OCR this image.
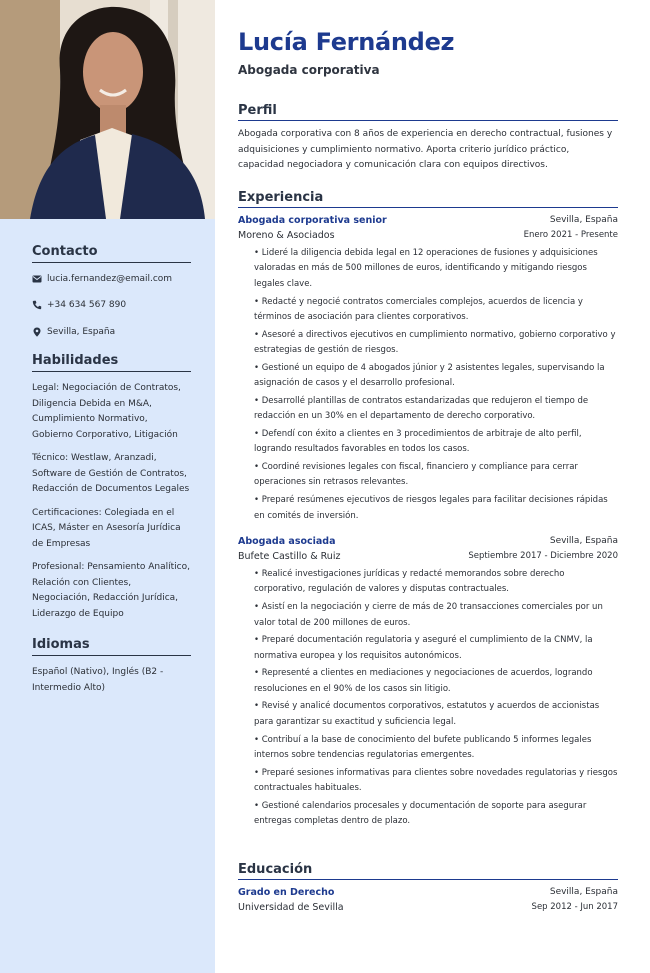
Contacto
lucia.fernandez@email.com
+34 634 567 890
Sevilla, España
Habilidades
Legal: Negociación de Contratos, Diligencia Debida en M&A, Cumplimiento Normativo, Gobierno Corporativo, Litigación
Técnico: Westlaw, Aranzadi, Software de Gestión de Contratos, Redacción de Documentos Legales
Certificaciones: Colegiada en el ICAS, Máster en Asesoría Jurídica de Empresas
Profesional: Pensamiento Analítico, Relación con Clientes, Negociación, Redacción Jurídica, Liderazgo de Equipo
Idiomas
Español (Nativo), Inglés (B2 - Intermedio Alto)
Lucía Fernández
Abogada corporativa
Perfil
Abogada corporativa con 8 años de experiencia en derecho contractual, fusiones y adquisiciones y cumplimiento normativo. Aporta criterio jurídico práctico, capacidad negociadora y comunicación clara con equipos directivos.
Experiencia
Abogada corporativa senior	Sevilla, España
Moreno & Asociados	Enero 2021 - Presente
• Lideré la diligencia debida legal en 12 operaciones de fusiones y adquisiciones valoradas en más de 500 millones de euros, identificando y mitigando riesgos legales clave.
• Redacté y negocié contratos comerciales complejos, acuerdos de licencia y términos de asociación para clientes corporativos.
• Asesoré a directivos ejecutivos en cumplimiento normativo, gobierno corporativo y estrategias de gestión de riesgos.
• Gestioné un equipo de 4 abogados júnior y 2 asistentes legales, supervisando la asignación de casos y el desarrollo profesional.
• Desarrollé plantillas de contratos estandarizadas que redujeron el tiempo de redacción en un 30% en el departamento de derecho corporativo.
• Defendí con éxito a clientes en 3 procedimientos de arbitraje de alto perfil, logrando resultados favorables en todos los casos.
• Coordiné revisiones legales con fiscal, financiero y compliance para cerrar operaciones sin retrasos relevantes.
• Preparé resúmenes ejecutivos de riesgos legales para facilitar decisiones rápidas en comités de inversión.
Abogada asociada	Sevilla, España
Bufete Castillo & Ruiz	Septiembre 2017 - Diciembre 2020
• Realicé investigaciones jurídicas y redacté memorandos sobre derecho corporativo, regulación de valores y disputas contractuales.
• Asistí en la negociación y cierre de más de 20 transacciones comerciales por un valor total de 200 millones de euros.
• Preparé documentación regulatoria y aseguré el cumplimiento de la CNMV, la normativa europea y los requisitos autonómicos.
• Representé a clientes en mediaciones y negociaciones de acuerdos, logrando resoluciones en el 90% de los casos sin litigio.
• Revisé y analicé documentos corporativos, estatutos y acuerdos de accionistas para garantizar su exactitud y suficiencia legal.
• Contribuí a la base de conocimiento del bufete publicando 5 informes legales internos sobre tendencias regulatorias emergentes.
• Preparé sesiones informativas para clientes sobre novedades regulatorias y riesgos contractuales habituales.
• Gestioné calendarios procesales y documentación de soporte para asegurar entregas completas dentro de plazo.
Educación
Grado en Derecho	Sevilla, España
Universidad de Sevilla	Sep 2012 - Jun 2017
